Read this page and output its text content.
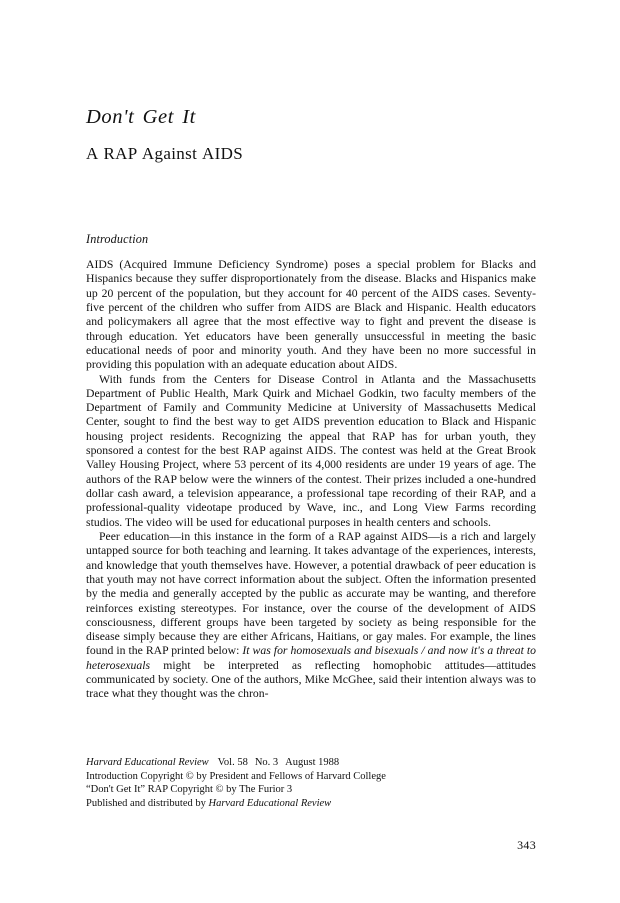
Don't Get It
A RAP Against AIDS
Introduction

AIDS (Acquired Immune Deficiency Syndrome) poses a special problem for Blacks and Hispanics because they suffer disproportionately from the disease. Blacks and Hispanics make up 20 percent of the population, but they account for 40 percent of the AIDS cases. Seventy-five percent of the children who suffer from AIDS are Black and Hispanic. Health educators and policymakers all agree that the most effective way to fight and prevent the disease is through education. Yet educators have been generally unsuccessful in meeting the basic educational needs of poor and minority youth. And they have been no more successful in providing this population with an adequate education about AIDS.

With funds from the Centers for Disease Control in Atlanta and the Massachusetts Department of Public Health, Mark Quirk and Michael Godkin, two faculty members of the Department of Family and Community Medicine at University of Massachusetts Medical Center, sought to find the best way to get AIDS prevention education to Black and Hispanic housing project residents. Recognizing the appeal that RAP has for urban youth, they sponsored a contest for the best RAP against AIDS. The contest was held at the Great Brook Valley Housing Project, where 53 percent of its 4,000 residents are under 19 years of age. The authors of the RAP below were the winners of the contest. Their prizes included a one-hundred dollar cash award, a television appearance, a professional tape recording of their RAP, and a professional-quality videotape produced by Wave, inc., and Long View Farms recording studios. The video will be used for educational purposes in health centers and schools.

Peer education—in this instance in the form of a RAP against AIDS—is a rich and largely untapped source for both teaching and learning. It takes advantage of the experiences, interests, and knowledge that youth themselves have. However, a potential drawback of peer education is that youth may not have correct information about the subject. Often the information presented by the media and generally accepted by the public as accurate may be wanting, and therefore reinforces existing stereotypes. For instance, over the course of the development of AIDS consciousness, different groups have been targeted by society as being responsible for the disease simply because they are either Africans, Haitians, or gay males. For example, the lines found in the RAP printed below: It was for homosexuals and bisexuals / and now it's a threat to heterosexuals might be interpreted as reflecting homophobic attitudes—attitudes communicated by society. One of the authors, Mike McGhee, said their intention always was to trace what they thought was the chron-

Harvard Educational Review Vol. 58 No. 3 August 1988
Introduction Copyright © by President and Fellows of Harvard College
“Don't Get It” RAP Copyright © by The Furior 3
Published and distributed by Harvard Educational Review
343
